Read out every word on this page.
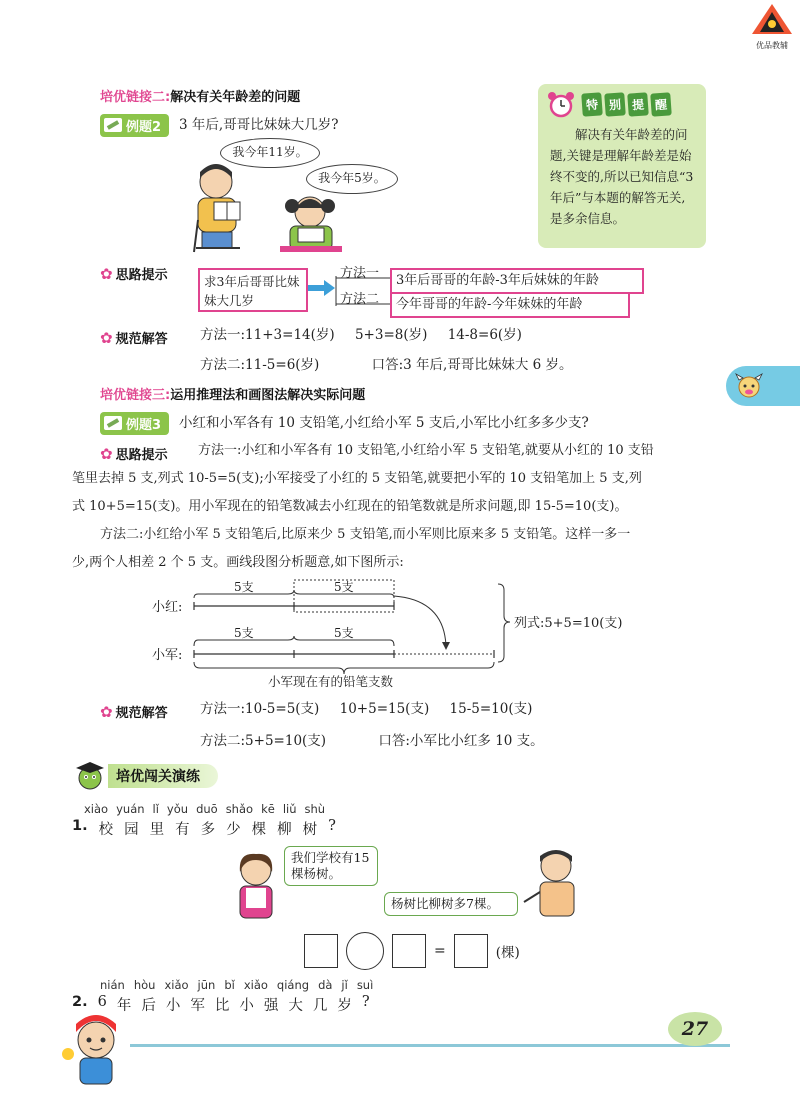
优品教辅
培优链接二:解决有关年龄差的问题
例题2 3 年后,哥哥比妹妹大几岁?
我今年11岁。
我今年5岁。
特 别 提 醒
解决有关年龄差的问题,关键是理解年龄差是始终不变的,所以已知信息“3 年后”与本题的解答无关,是多余信息。
✿ 思路提示	求3年后哥哥比妹妹大几岁
方法一
方法二
3年后哥哥的年龄-3年后妹妹的年龄
今年哥哥的年龄-今年妹妹的年龄
✿ 规范解答 方法一:11+3=14(岁) 5+3=8(岁) 14-8=6(岁)
方法二:11-5=6(岁)	口答:3 年后,哥哥比妹妹大 6 岁。
培优链接三:运用推理法和画图法解决实际问题
例题3 小红和小军各有 10 支铅笔,小红给小军 5 支后,小军比小红多多少支?
✿ 思路提示 方法一:小红和小军各有 10 支铅笔,小红给小军 5 支铅笔,就要从小红的 10 支铅
笔里去掉 5 支,列式 10-5=5(支);小军接受了小红的 5 支铅笔,就要把小军的 10 支铅笔加上 5 支,列
式 10+5=15(支)。用小军现在的铅笔数减去小红现在的铅笔数就是所求问题,即 15-5=10(支)。
方法二:小红给小军 5 支铅笔后,比原来少 5 支铅笔,而小军则比原来多 5 支铅笔。这样一多一
少,两个人相差 2 个 5 支。画线段图分析题意,如下图所示:
小红:
小军:
5支	5支
5支	5支
小军现在有的铅笔支数
列式:5+5=10(支)
✿ 规范解答 方法一:10-5=5(支) 10+5=15(支) 15-5=10(支)
方法二:5+5=10(支)	口答:小军比小红多 10 支。
培优闯关演练
xiào yuán lǐ yǒu duō shǎo kē liǔ shù
1. 校 园 里 有 多 少 棵 柳 树 ?
我们学校有15棵杨树。
杨树比柳树多7棵。
=	(棵)
nián hòu xiǎo jūn bǐ xiǎo qiáng dà jǐ suì
2. 6 年 后 小 军 比 小 强 大 几 岁 ?
27
